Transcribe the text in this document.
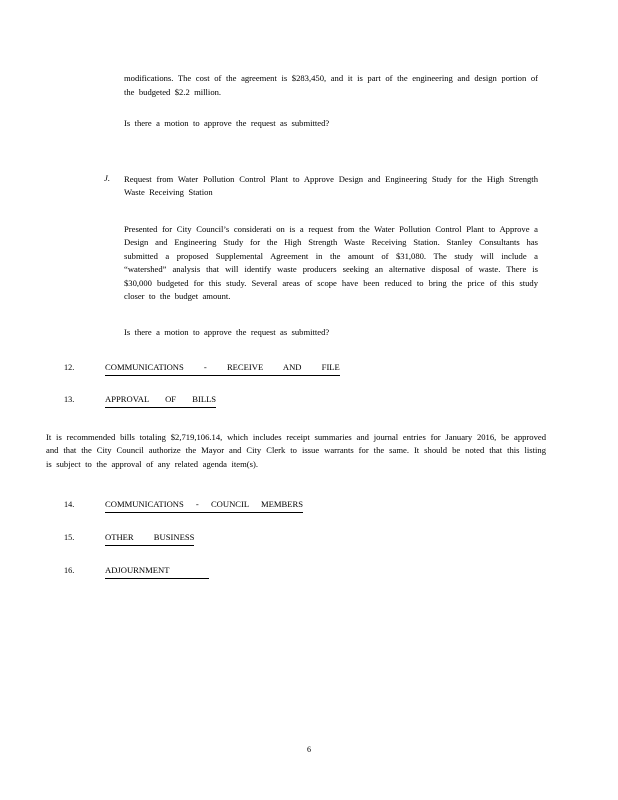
modifications. The cost of the agreement is $283,450, and it is part of the engineering and design portion of the budgeted $2.2 million.

Is there a motion to approve the request as submitted?

J. Request from Water Pollution Control Plant to Approve Design and Engineering Study for the High Strength Waste Receiving Station

Presented for City Council’s considerati on is a request from the Water Pollution Control Plant to Approve a Design and Engineering Study for the High Strength Waste Receiving Station. Stanley Consultants has submitted a proposed Supplemental Agreement in the amount of $31,080. The study will include a “watershed” analysis that will identify waste producers seeking an alternative disposal of waste. There is $30,000 budgeted for this study. Several areas of scope have been reduced to bring the price of this study closer to the budget amount.

Is there a motion to approve the request as submitted?

12.	COMMUNICATIONS - RECEIVE AND FILE
13.	APPROVAL OF BILLS

It is recommended bills totaling $2,719,106.14, which includes receipt summaries and journal entries for January 2016, be approved and that the City Council authorize the Mayor and City Clerk to issue warrants for the same. It should be noted that this listing is subject to the approval of any related agenda item(s).

14.	COMMUNICATIONS - COUNCIL MEMBERS
15.	OTHER BUSINESS
16.	ADJOURNMENT
6
